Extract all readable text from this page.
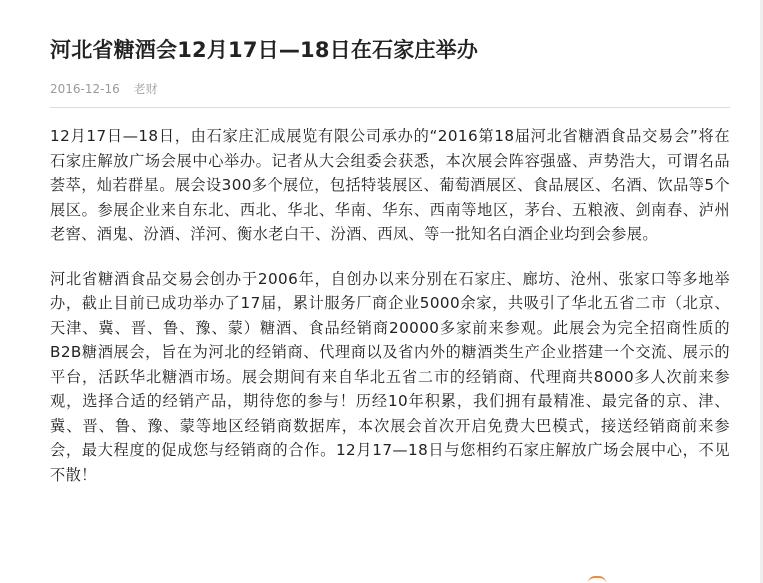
河北省糖酒会12月17日—18日在石家庄举办
2016-12-16 老财

12月17日—18日，由石家庄汇成展览有限公司承办的“2016第18届河北省糖酒食品交易会”将在石家庄解放广场会展中心举办。记者从大会组委会获悉，本次展会阵容强盛、声势浩大，可谓名品荟萃，灿若群星。展会设300多个展位，包括特装展区、葡萄酒展区、食品展区、名酒、饮品等5个展区。参展企业来自东北、西北、华北、华南、华东、西南等地区，茅台、五粮液、剑南春、泸州老窖、酒鬼、汾酒、洋河、衡水老白干、汾酒、西凤、等一批知名白酒企业均到会参展。

河北省糖酒食品交易会创办于2006年，自创办以来分别在石家庄、廊坊、沧州、张家口等多地举办，截止目前已成功举办了17届，累计服务厂商企业5000余家，共吸引了华北五省二市（北京、天津、冀、晋、鲁、豫、蒙）糖酒、食品经销商20000多家前来参观。此展会为完全招商性质的B2B糖酒展会，旨在为河北的经销商、代理商以及省内外的糖酒类生产企业搭建一个交流、展示的平台，活跃华北糖酒市场。展会期间有来自华北五省二市的经销商、代理商共8000多人次前来参观，选择合适的经销产品，期待您的参与！历经10年积累，我们拥有最精准、最完备的京、津、冀、晋、鲁、豫、蒙等地区经销商数据库，本次展会首次开启免费大巴模式，接送经销商前来参会，最大程度的促成您与经销商的合作。12月17—18日与您相约石家庄解放广场会展中心，不见不散！
